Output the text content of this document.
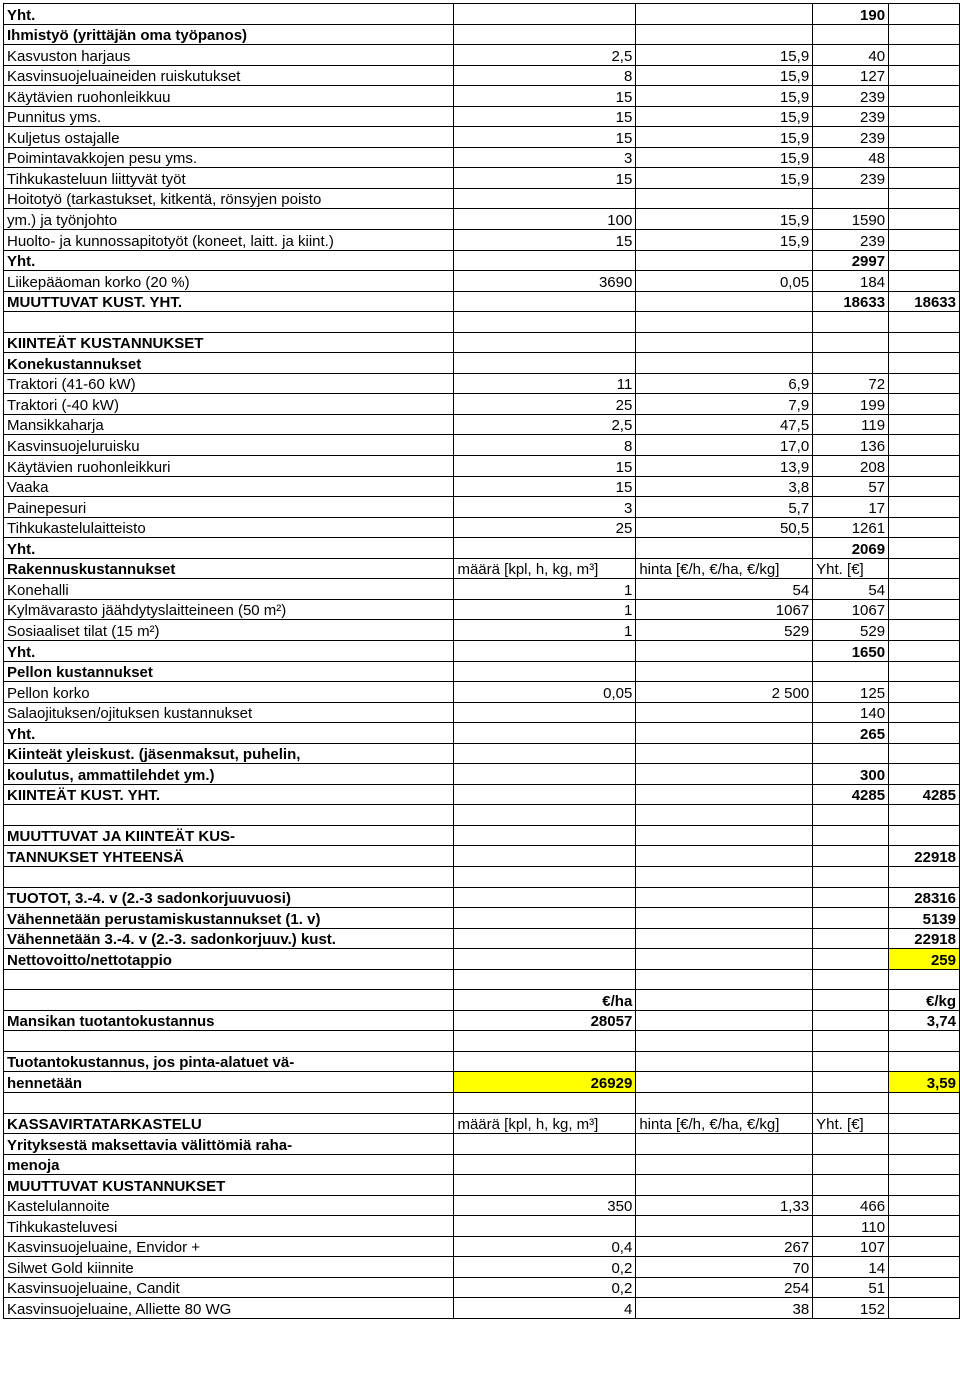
Yht.			190	
Ihmistyö (yrittäjän oma työpanos)				
Kasvuston harjaus	2,5	15,9	40	
Kasvinsuojeluaineiden ruiskutukset	8	15,9	127	
Käytävien ruohonleikkuu	15	15,9	239	
Punnitus yms.	15	15,9	239	
Kuljetus ostajalle	15	15,9	239	
Poimintavakkojen pesu yms.	3	15,9	48	
Tihkukasteluun liittyvät työt	15	15,9	239	
Hoitotyö (tarkastukset, kitkentä, rönsyjen poisto				
ym.) ja työnjohto	100	15,9	1590	
Huolto- ja kunnossapitotyöt (koneet, laitt. ja kiint.)	15	15,9	239	
Yht.			2997	
Liikepääoman korko (20 %)	3690	0,05	184	
MUUTTUVAT KUST. YHT.			18633	18633

KIINTEÄT KUSTANNUKSET				
Konekustannukset				
Traktori (41-60 kW)	11	6,9	72	
Traktori (-40 kW)	25	7,9	199	
Mansikkaharja	2,5	47,5	119	
Kasvinsuojeluruisku	8	17,0	136	
Käytävien ruohonleikkuri	15	13,9	208	
Vaaka	15	3,8	57	
Painepesuri	3	5,7	17	
Tihkukastelulaitteisto	25	50,5	1261	
Yht.			2069	
Rakennuskustannukset	määrä [kpl, h, kg, m³]	hinta [€/h, €/ha, €/kg]	Yht. [€]	
Konehalli	1	54	54	
Kylmävarasto jäähdytyslaitteineen (50 m²)	1	1067	1067	
Sosiaaliset tilat (15 m²)	1	529	529	
Yht.			1650	
Pellon kustannukset				
Pellon korko	0,05	2 500	125	
Salaojituksen/ojituksen kustannukset			140	
Yht.			265	
Kiinteät yleiskust. (jäsenmaksut, puhelin,				
koulutus, ammattilehdet ym.)			300	
KIINTEÄT KUST. YHT.			4285	4285

MUUTTUVAT JA KIINTEÄT KUS-				
TANNUKSET YHTEENSÄ				22918

TUOTOT, 3.-4. v (2.-3 sadonkorjuuvuosi)				28316
Vähennetään perustamiskustannukset (1. v)				5139
Vähennetään 3.-4. v (2.-3. sadonkorjuuv.) kust.				22918
Nettovoitto/nettotappio				259

	€/ha			€/kg
Mansikan tuotantokustannus	28057			3,74

Tuotantokustannus, jos pinta-alatuet vä-				
hennetään	26929			3,59

KASSAVIRTATARKASTELU	määrä [kpl, h, kg, m³]	hinta [€/h, €/ha, €/kg]	Yht. [€]	
Yrityksestä maksettavia välittömiä raha-				
menoja				
MUUTTUVAT KUSTANNUKSET				
Kastelulannoite	350	1,33	466	
Tihkukasteluvesi			110	
Kasvinsuojeluaine, Envidor +	0,4	267	107	
Silwet Gold kiinnite	0,2	70	14	
Kasvinsuojeluaine, Candit	0,2	254	51	
Kasvinsuojeluaine, Alliette 80 WG	4	38	152	
